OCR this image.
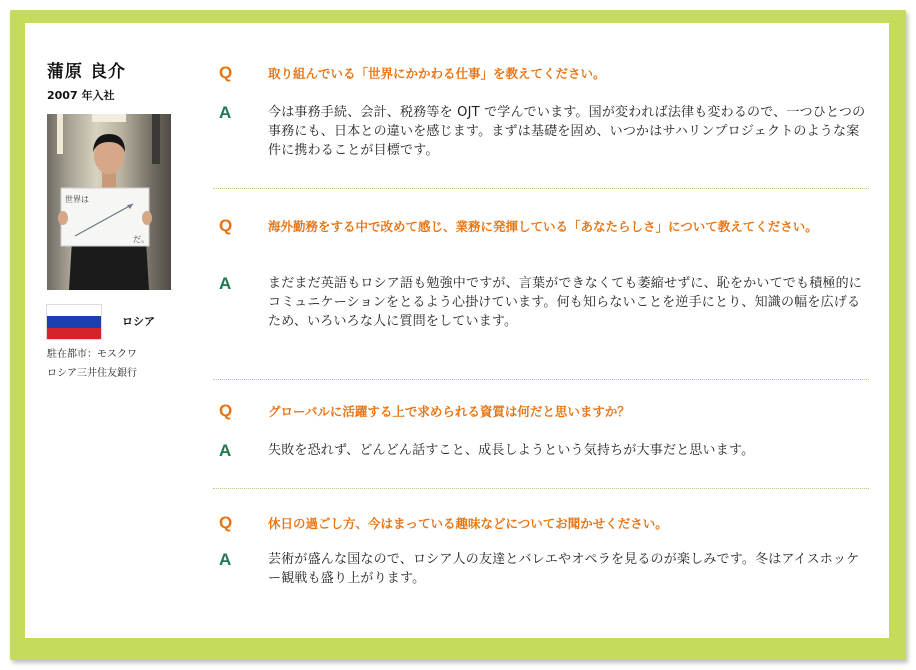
蒲原 良介
2007 年入社
世界は
だ。
ロシア
駐在都市：モスクワ
ロシア三井住友銀行
Q	取り組んでいる「世界にかかわる仕事」を教えてください。
A	今は事務手続、会計、税務等を OJT で学んでいます。国が変われば法律も変わるので、一つひとつの事務にも、日本との違いを感じます。まずは基礎を固め、いつかはサハリンプロジェクトのような案件に携わることが目標です。
Q	海外勤務をする中で改めて感じ、業務に発揮している「あなたらしさ」について教えてください。
A	まだまだ英語もロシア語も勉強中ですが、言葉ができなくても萎縮せずに、恥をかいてでも積極的にコミュニケーションをとるよう心掛けています。何も知らないことを逆手にとり、知識の幅を広げるため、いろいろな人に質問をしています。
Q	グローバルに活躍する上で求められる資質は何だと思いますか？
A	失敗を恐れず、どんどん話すこと、成長しようという気持ちが大事だと思います。
Q	休日の過ごし方、今はまっている趣味などについてお聞かせください。
A	芸術が盛んな国なので、ロシア人の友達とバレエやオペラを見るのが楽しみです。冬はアイスホッケー観戦も盛り上がります。
